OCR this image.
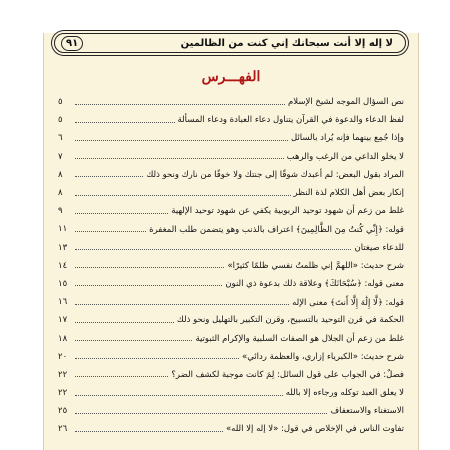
لا إله إلا أنت سبحانك إني كنت من الظالمين
٩١
الفهـــرس
نص السؤال الموجه لشيخ الإسلام
٥
لفظ الدعاء والدعوة في القرآن يتناول دعاء العبادة ودعاء المسألة
٥
وإذا جُمِع بينهما فإنه يُراد بالسائل
٦
لا يخلو الداعي من الرغب والرهب
٧
المراد بقول البعض: لم أعبدك شوقًا إلى جنتك ولا خوفًا من نارك ونحو ذلك
٨
إنكار بعض أهل الكلام لذة النظر
٨
غلط من زعم أن شهود توحيد الربوبية يكفي عن شهود توحيد الإلهية
٩
قوله: ﴿إِنِّي كُنتُ مِنَ الظَّالِمِينَ﴾ اعتراف بالذنب وهو يتضمن طلب المغفرة
١١
للدعاء صيغتان
١٣
شرح حديث: «اللهمَّ إني ظلمتُ نفسي ظلمًا كثيرًا»
١٤
معنى قوله: ﴿سُبْحَانَكَ﴾ وعلاقة ذلك بدعوة ذي النون
١٥
قوله: ﴿لَّا إِلَٰهَ إِلَّا أَنتَ﴾ معنى الإله
١٦
الحكمة في قرن التوحيد بالتسبيح، وقرن التكبير بالتهليل ونحو ذلك
١٧
غلط من زعم أن الجلال هو الصفات السلبية والإكرام الثبوتية
١٨
شرح حديث: «الكبرياء إزاري، والعظمة ردائي»
٢٠
فصلٌ: في الجواب على قول السائل: لِمَ كانت موجبة لكشف الضر؟
٢٢
لا يعلق العبد توكله ورجاءه إلا بالله
٢٢
الاستغناء والاستعفاف
٢٥
تفاوت الناس في الإخلاص في قول: «لا إله إلا الله»
٢٦
